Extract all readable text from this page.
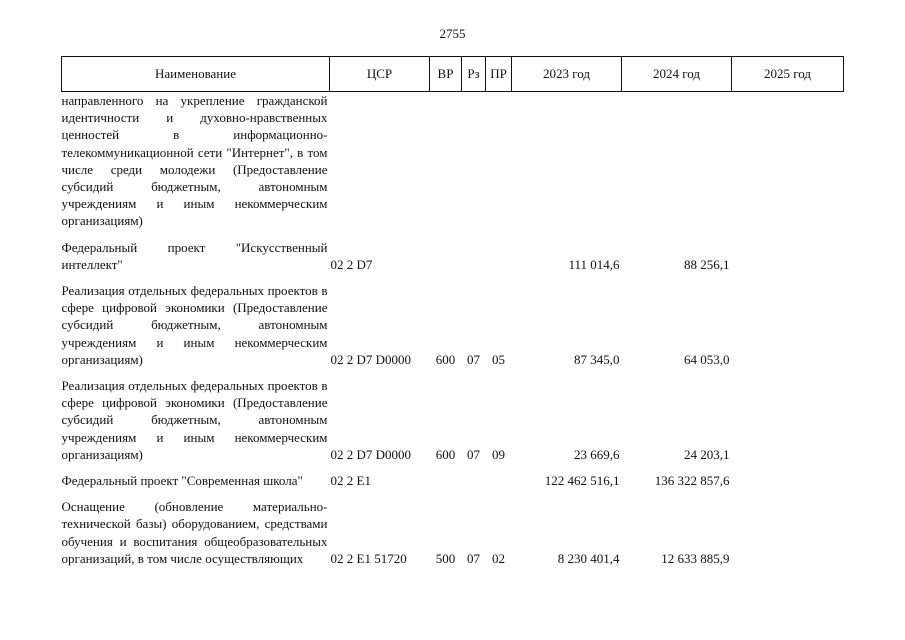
2755
Наименование	ЦСР	ВР	Рз	ПР	2023 год	2024 год	2025 год
направленного на укрепление гражданской идентичности и духовно-нравственных ценностей в информационно-телекоммуникационной сети "Интернет", в том числе среди молодежи (Предоставление субсидий бюджетным, автономным учреждениям и иным некоммерческим организациям)							

Федеральный проект "Искусственный интеллект"	02 2 D7				111 014,6	88 256,1	

Реализация отдельных федеральных проектов в сфере цифровой экономики (Предоставление субсидий бюджетным, автономным учреждениям и иным некоммерческим организациям)	02 2 D7 D0000	600	07	05	87 345,0	64 053,0	

Реализация отдельных федеральных проектов в сфере цифровой экономики (Предоставление субсидий бюджетным, автономным учреждениям и иным некоммерческим организациям)	02 2 D7 D0000	600	07	09	23 669,6	24 203,1	

Федеральный проект "Современная школа"	02 2 E1				122 462 516,1	136 322 857,6	

Оснащение (обновление материально-технической базы) оборудованием, средствами обучения и воспитания общеобразовательных организаций, в том числе осуществляющих	02 2 E1 51720	500	07	02	8 230 401,4	12 633 885,9	
